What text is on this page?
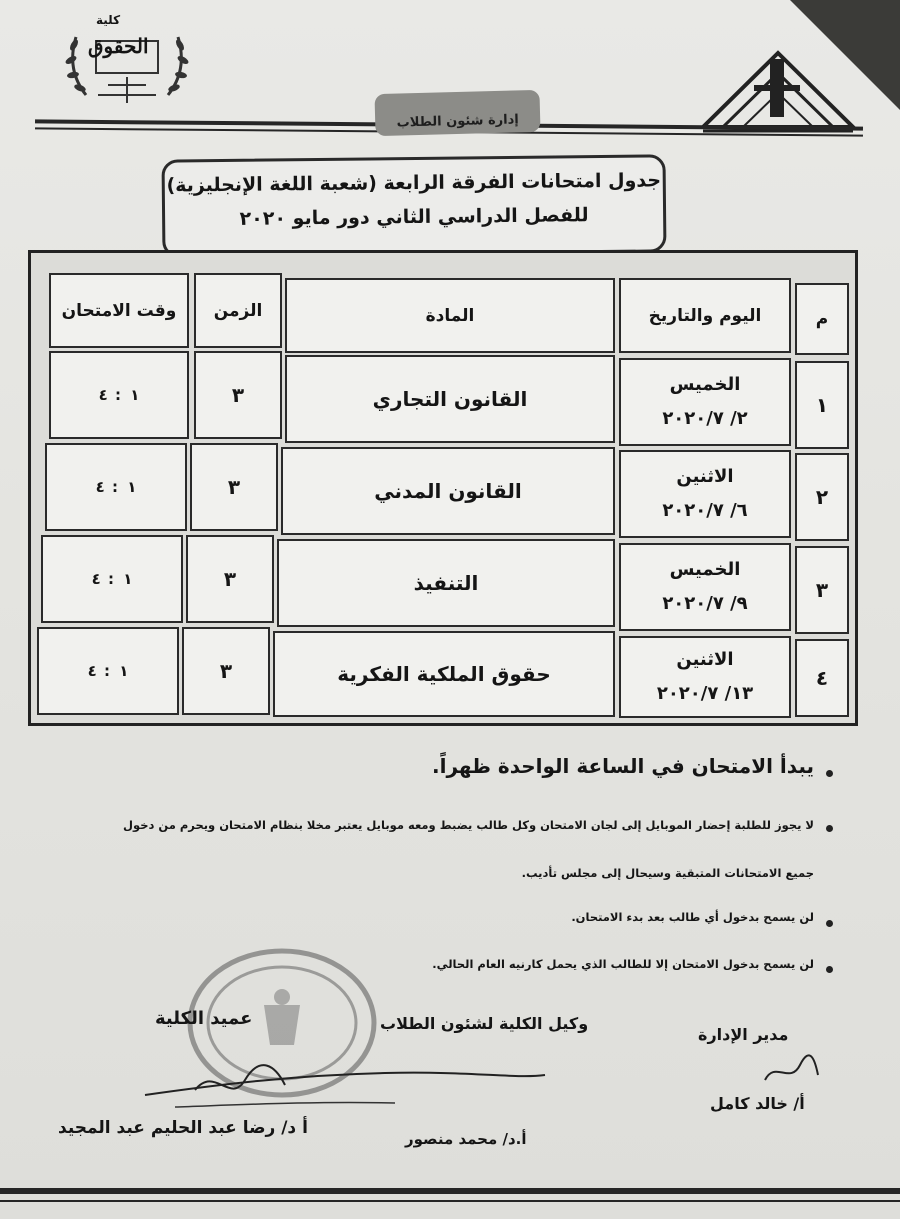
كلية
الحقوق
إدارة شئون الطلاب
جدول امتحانات الفرقة الرابعة (شعبة اللغة الإنجليزية)
للفصل الدراسي الثاني دور مايو ٢٠٢٠
م
اليوم والتاريخ
المادة
الزمن
وقت الامتحان
١
الخميس
٢/ ٢٠٢٠/٧
القانون التجاري
٣
٤ : ١
٢
الاثنين
٦/ ٢٠٢٠/٧
القانون المدني
٣
٤ : ١
٣
الخميس
٩/ ٢٠٢٠/٧
التنفيذ
٣
٤ : ١
٤
الاثنين
١٣/ ٢٠٢٠/٧
حقوق الملكية الفكرية
٣
٤ : ١
يبدأ الامتحان في الساعة الواحدة ظهراً.
لا يجوز للطلبة إحضار الموبايل إلى لجان الامتحان وكل طالب يضبط ومعه موبايل يعتبر مخلا بنظام الامتحان ويحرم من دخول
جميع الامتحانات المتبقية وسيحال إلى مجلس تأديب.
لن يسمح بدخول أي طالب بعد بدء الامتحان.
لن يسمح بدخول الامتحان إلا للطالب الذي يحمل كارنيه العام الحالي.
مدير الإدارة
أ/ خالد كامل
وكيل الكلية لشئون الطلاب
أ.د/ محمد منصور
عميد الكلية
أ د/ رضا عبد الحليم عبد المجيد
